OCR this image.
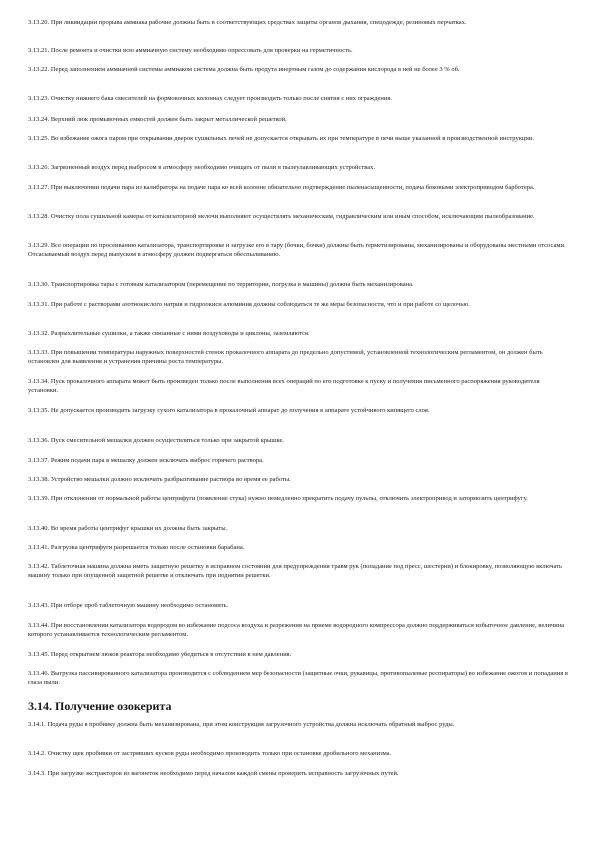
3.13.20. При ликвидации прорыва аммиака рабочие должны быть в соответствующих средствах защиты органов дыхания, спецодежде, резиновых перчатках.
3.13.21. После ремонта и очистки всю аммиачную систему необходимо опрессовать для проверки на герметичность.
3.13.22. Перед заполнением аммиачной системы аммиаком система должна быть продута инертным газом до содержания кислорода в ней не более 3 % об.
3.13.23. Очистку нижнего бака смесителей на формовочных колоннах следует производить только после снятия с них ограждения.
3.13.24. Верхний люк промывочных емкостей должен быть закрыт металлической решеткой.
3.13.25. Во избежание ожога паром при открывании дверок сушильных печей не допускается открывать их при температуре в печи выше указанной в производственной инструкции.
3.13.26. Загрязненный воздух перед выбросом в атмосферу необходимо очищать от пыли в пылеулавливающих устройствах.
3.13.27. При выключении подачи пара из калибратора на подаче пара ко всей колонне обязательно подтверждение пыленасыщенности, подача боковыми электроприводом барботера.
3.13.28. Очистку пола сушильной камеры от катализаторной мелочи выполняют осуществлять механическим, гидравлическим или иным способом, исключающим пылеобразование.
3.13.29. Все операции по просеиванию катализатора, транспортировке и загрузке его в тару (бочки, бочки) должны быть герметизированы, механизированы и оборудованы местными отсосами. Отсасываемый воздух перед выпуском в атмосферу должен подвергаться обеспыливанию.
3.13.30. Транспортировка тары с готовым катализатором (перемещение по территории, погрузка в машины) должна быть механизирована.
3.13.31. При работе с растворами азотнокислого натрия и гидроокиси алюминия должны соблюдаться те же меры безопасности, что и при работе со щелочью.
3.13.32. Разрыхлительные сушилки, а также связанные с ними воздуховоды и циклоны, заземляются.
3.13.33. При повышении температуры наружных поверхностей стенок прокалочного аппарата до предельно допустимой, установленной технологическим регламентом, он должен быть остановлен для выявления и устранения причины роста температуры.
3.13.34. Пуск прокалочного аппарата может быть произведен только после выполнения всех операций по его подготовке к пуску и получения письменного распоряжения руководителя установки.
3.13.35. Не допускается производить загрузку сухого катализатора в прокалочный аппарат до получения в аппарате устойчивого кипящего слоя.
3.13.36. Пуск смесительной мешалки должен осуществляться только при закрытой крышке.
3.13.37. Режим подачи пара в мешалку должен исключать выброс горячего раствора.
3.13.38. Устройство мешалки должно исключать разбрызгивание раствора во время ее работы.
3.13.39. При отклонении от нормальной работы центрифуги (появление стука) нужно немедленно прекратить подачу пульпы, отключить электропривод и затормозить центрифугу.
3.13.40. Во время работы центрифуг крышки их должны быть закрыты.
3.13.41. Разгрузка центрифуги разрешается только после остановки барабана.
3.13.42. Таблеточная машина должна иметь защитную решетку в исправном состоянии для предупреждения травм рук (попадание под пресс, шестерни) и блокировку, позволяющую включать машину только при опущенной защитной решетке и отключать при поднятии решетки.
3.13.43. При отборе проб таблеточную машину необходимо остановить.
3.13.44. При восстановлении катализатора водородом во избежание подсоса воздуха и разрежения на приеме водородного компрессора должно поддерживаться избыточное давление, величина которого устанавливается технологическим регламентом.
3.13.45. Перед открытием люков реактора необходимо убедиться в отсутствии в нем давления.
3.13.46. Выгрузка пассивированного катализатора производится с соблюдением мер безопасности (защитные очки, рукавицы, противопылевые респираторы) во избежание ожогов и попадания в глаза пыли.
3.14. Получение озокерита
3.14.1. Подача руды в пробивку должна быть механизирована, при этом конструкция загрузочного устройства должна исключать обратный выброс руды.
3.14.2. Очистку щек пробивки от застрявших кусков руды необходимо производить только при остановке дробильного механизма.
3.14.3. При загрузке экстракторов из вагонеток необходимо перед началом каждой смены проверить исправность загрузочных путей.
